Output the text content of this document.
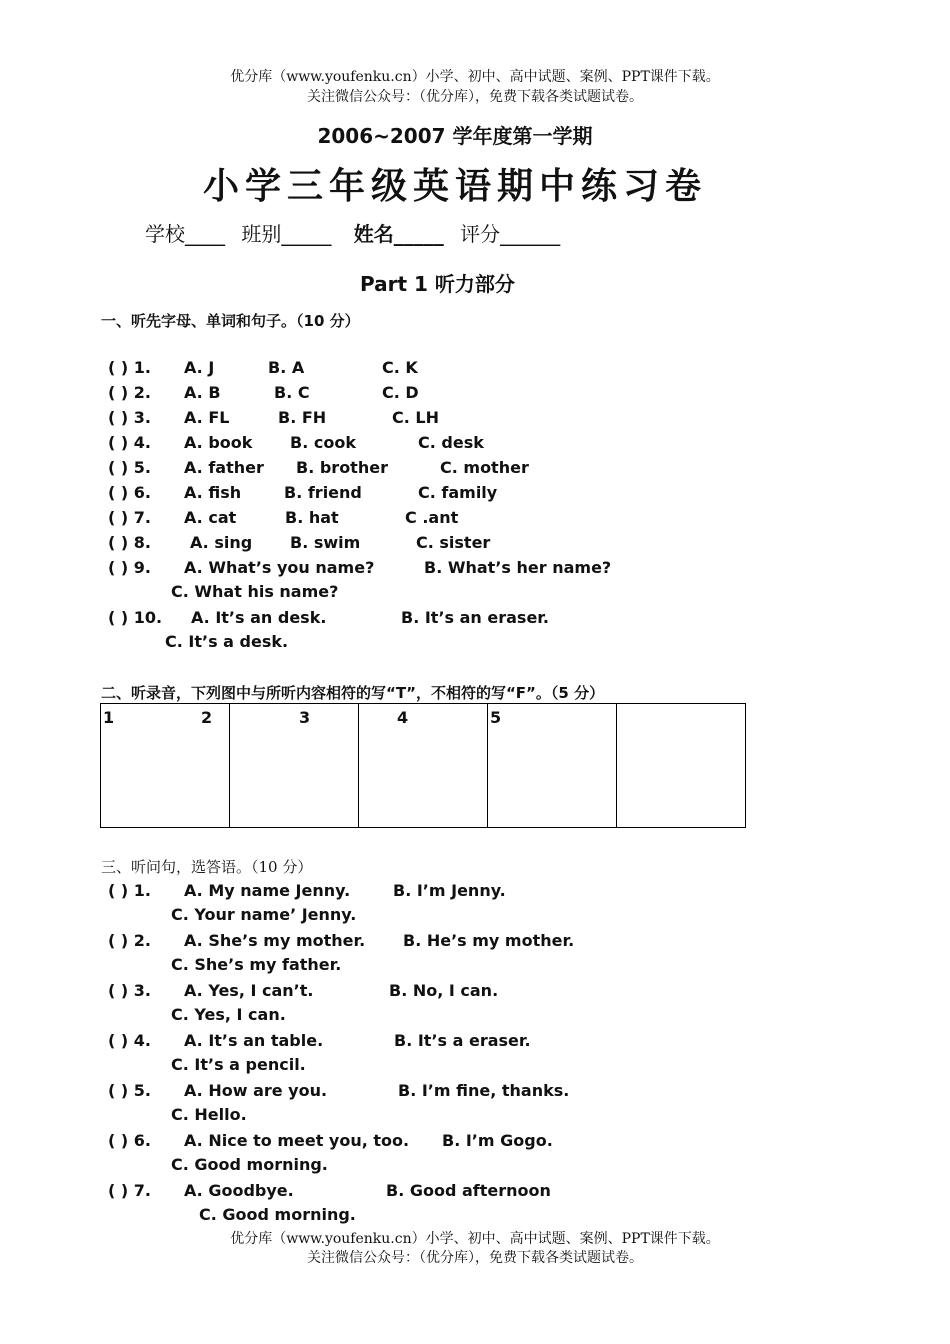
优分库（www.youfenku.cn）小学、初中、高中试题、案例、PPT课件下载。
关注微信公众号：（优分库），免费下载各类试题试卷。
2006~2007 学年度第一学期
小学三年级英语期中练习卷
学校____ 班别_____ 姓名_____ 评分______
Part 1 听力部分
一、听先字母、单词和句子。（10 分）
( ) 1. A. J	B. A	C. K
( ) 2. A. B	B. C	C. D
( ) 3. A. FL	B. FH	C. LH
( ) 4. A. book B. cook	C. desk
( ) 5. A. father B. brother	C. mother
( ) 6. A. fish	B. friend	C. family
( ) 7. A. cat	B. hat	C .ant
( ) 8. A. sing B. swim	C. sister
( ) 9. A. What’s you name?	B. What’s her name?
C. What his name?
( ) 10. A. It’s an desk.	B. It’s an eraser.
C. It’s a desk.
二、听录音，下列图中与所听内容相符的写“T”，不相符的写“F”。（5 分）
1	2	3	4	5

三、听问句，选答语。（10 分）
( ) 1. A. My name Jenny.	B. I’m Jenny.
C. Your name’ Jenny.
( ) 2. A. She’s my mother. B. He’s my mother.
C. She’s my father.
( ) 3. A. Yes, I can’t.	B. No, I can.
C. Yes, I can.
( ) 4. A. It’s an table.	B. It’s a eraser.
C. It’s a pencil.
( ) 5. A. How are you.	B. I’m fine, thanks.
C. Hello.
( ) 6. A. Nice to meet you, too. B. I’m Gogo.
C. Good morning.
( ) 7. A. Goodbye.	B. Good afternoon
C. Good morning.
优分库（www.youfenku.cn）小学、初中、高中试题、案例、PPT课件下载。
关注微信公众号：（优分库），免费下载各类试题试卷。
